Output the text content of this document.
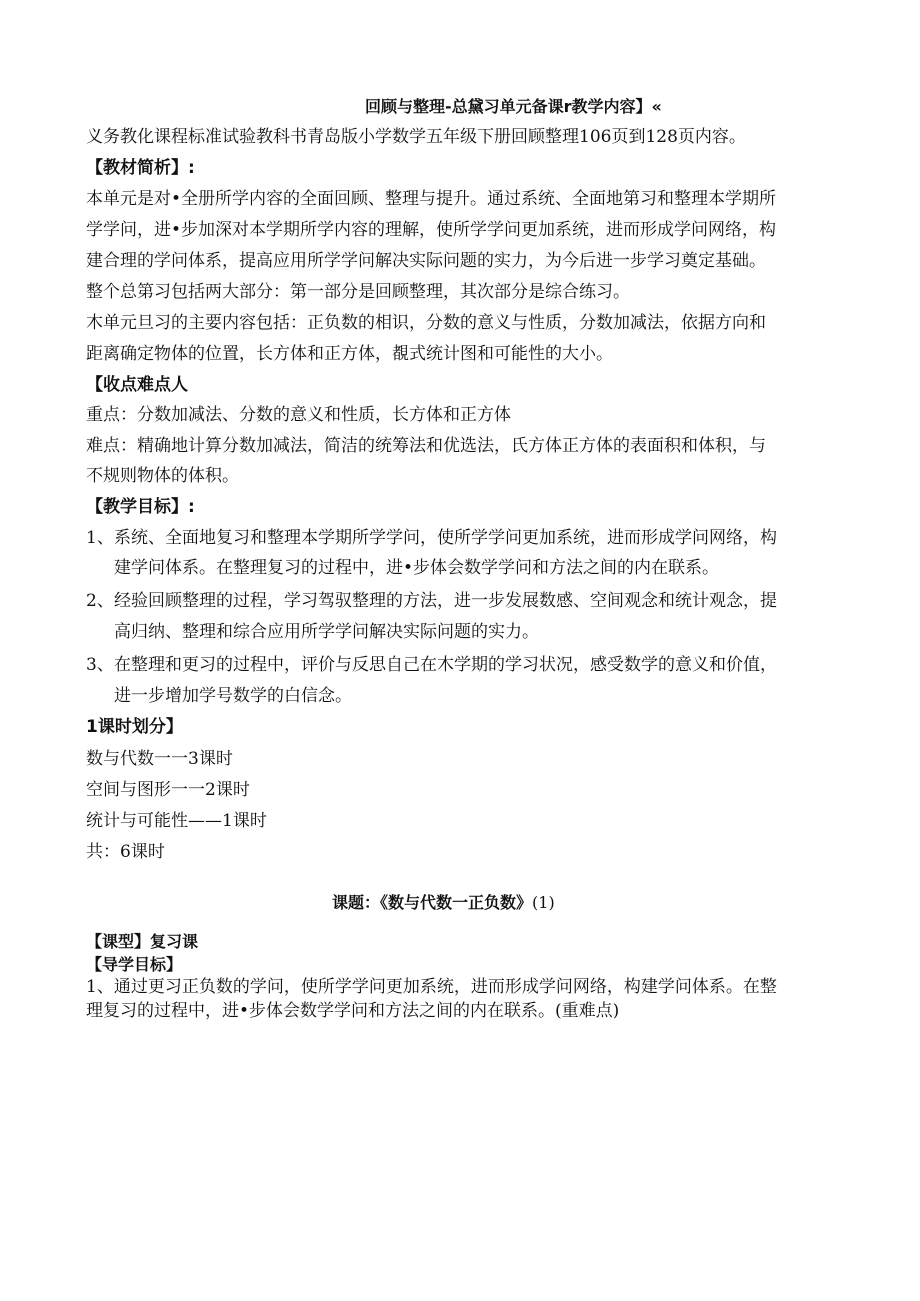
回顾与整理-总黛习单元备课r教学内容】«
义务教化课程标准试验教科书青岛版小学数学五年级下册回顾整理106页到128页内容。
【教材简析】:
本单元是对•全册所学内容的全面回顾、整理与提升。通过系统、全面地第习和整理本学期所
学学问，进•步加深对本学期所学内容的理解，使所学学问更加系统，进而形成学问网络，构
建合理的学问体系，提高应用所学学问解决实际问题的实力，为今后进一步学习奠定基础。
整个总第习包括两大部分：第一部分是回顾整理，其次部分是综合练习。
木单元旦习的主要内容包括：正负数的相识，分数的意义与性质，分数加减法，依据方向和
距离确定物体的位置，长方体和正方体，覩式统计图和可能性的大小。
【收点难点人
重点：分数加减法、分数的意义和性质，长方体和正方体
难点：精确地计算分数加减法，简洁的统筹法和优选法，氏方体正方体的表面积和体积，与
不规则物体的体积。
【教学目标】:
1、 系统、全面地复习和整理本学期所学学问，使所学学问更加系统，进而形成学问网络，构
建学问体系。在整理复习的过程中，进•步体会数学学问和方法之间的内在联系。
2、 经验回顾整理的过程，学习驾驭整理的方法，进一步发展数感、空间观念和统计观念，提
高归纳、整理和综合应用所学学问解决实际问题的实力。
3、 在整理和更习的过程中，评价与反思自己在木学期的学习状况，感受数学的意义和价值，
进一步增加学号数学的白信念。
1课时划分】
数与代数一一3课时
空间与图形一一2课时
统计与可能性——1课时
共：6课时
课题：《数与代数一正负数》(1)
【课型】复习课
【导学目标】
1、通过更习正负数的学问，使所学学问更加系统，进而形成学问网络，构建学问体系。在整
理复习的过程中，进•步体会数学学问和方法之间的内在联系。(重难点)
